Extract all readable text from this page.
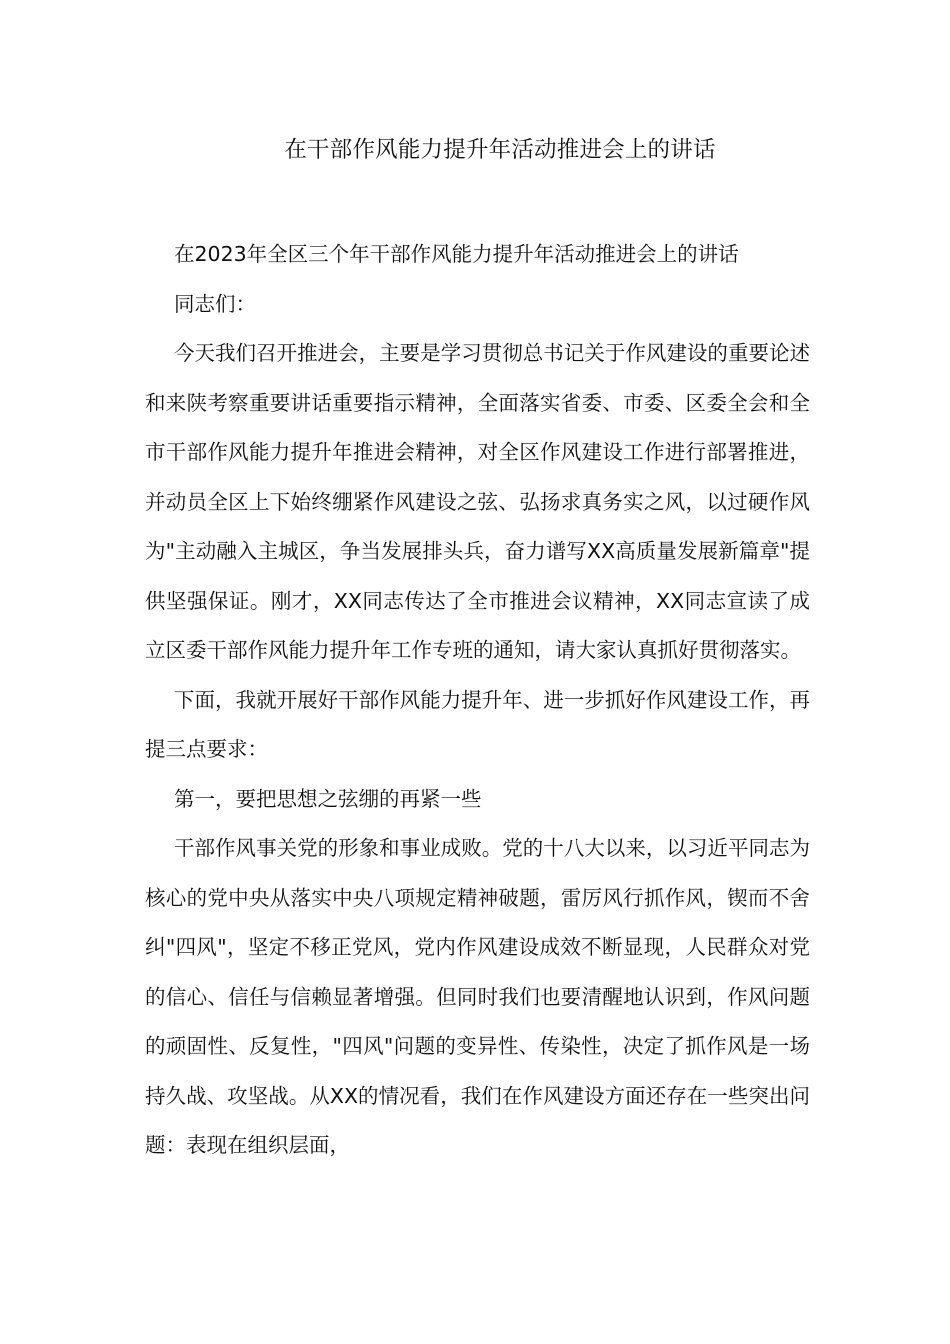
在干部作风能力提升年活动推进会上的讲话

在2023年全区三个年干部作风能力提升年活动推进会上的讲话

同志们：

今天我们召开推进会，主要是学习贯彻总书记关于作风建设的重要论述和来陕考察重要讲话重要指示精神，全面落实省委、市委、区委全会和全市干部作风能力提升年推进会精神，对全区作风建设工作进行部署推进，并动员全区上下始终绷紧作风建设之弦、弘扬求真务实之风，以过硬作风为"主动融入主城区，争当发展排头兵，奋力谱写XX高质量发展新篇章"提供坚强保证。刚才，XX同志传达了全市推进会议精神，XX同志宣读了成立区委干部作风能力提升年工作专班的通知，请大家认真抓好贯彻落实。

下面，我就开展好干部作风能力提升年、进一步抓好作风建设工作，再提三点要求：

第一，要把思想之弦绷的再紧一些

干部作风事关党的形象和事业成败。党的十八大以来，以习近平同志为核心的党中央从落实中央八项规定精神破题，雷厉风行抓作风，锲而不舍纠"四风"，坚定不移正党风，党内作风建设成效不断显现，人民群众对党的信心、信任与信赖显著增强。但同时我们也要清醒地认识到，作风问题的顽固性、反复性，"四风"问题的变异性、传染性，决定了抓作风是一场持久战、攻坚战。从XX的情况看，我们在作风建设方面还存在一些突出问题：表现在组织层面，
